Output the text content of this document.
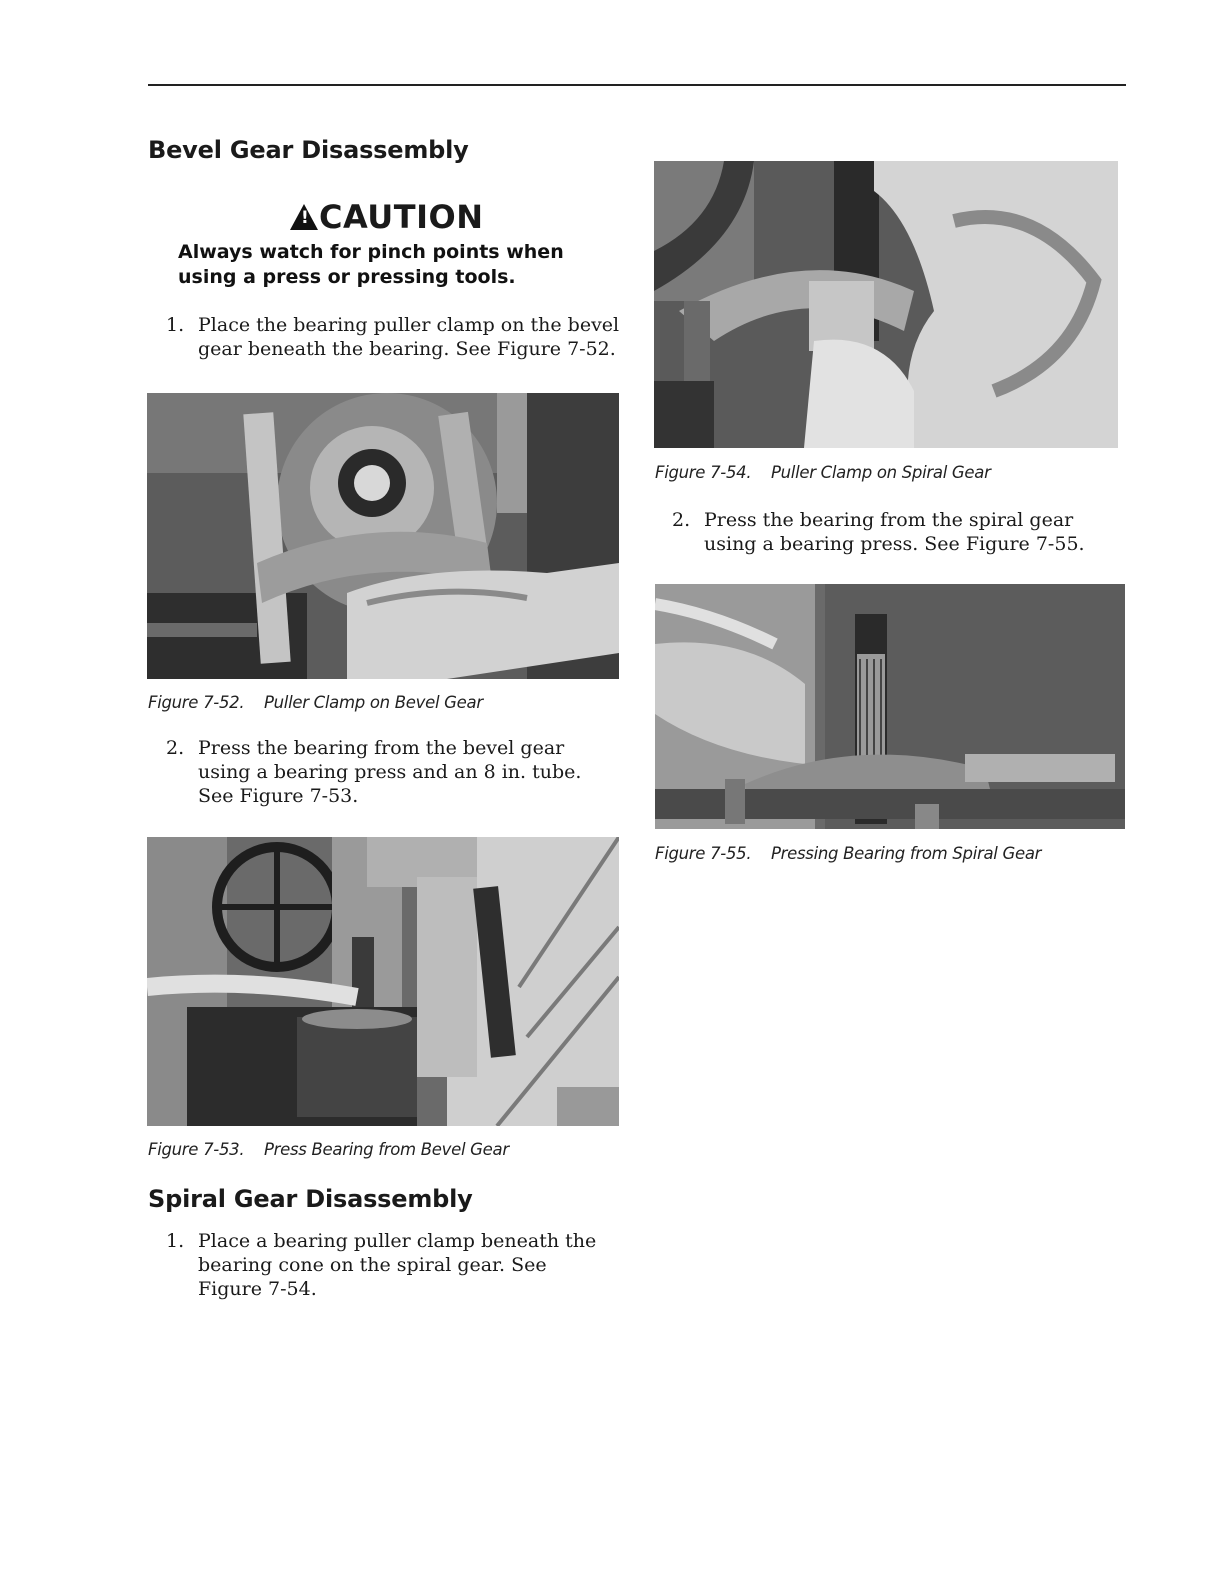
Bevel Gear Disassembly
!
CAUTION
Always watch for pinch points when
using a press or pressing tools.
1. Place the bearing puller clamp on the bevel
gear beneath the bearing. See Figure 7-52.
Figure 7-52. Puller Clamp on Bevel Gear
2. Press the bearing from the bevel gear
using a bearing press and an 8 in. tube.
See Figure 7-53.
Figure 7-53. Press Bearing from Bevel Gear
Spiral Gear Disassembly
1. Place a bearing puller clamp beneath the
bearing cone on the spiral gear. See
Figure 7-54.
Figure 7-54. Puller Clamp on Spiral Gear
2. Press the bearing from the spiral gear
using a bearing press. See Figure 7-55.
Figure 7-55. Pressing Bearing from Spiral Gear
